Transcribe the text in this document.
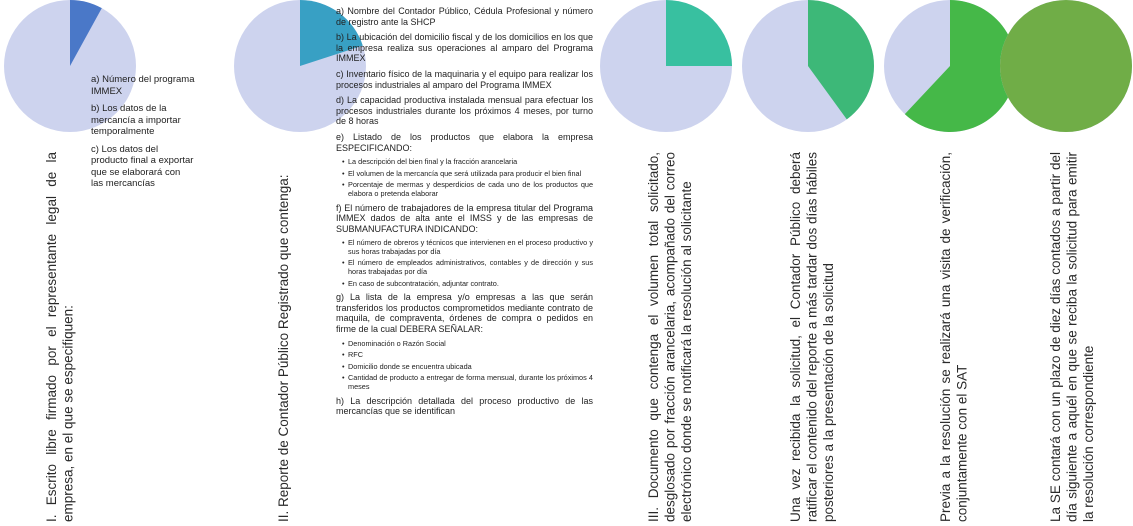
I. Escrito libre firmado por el representante legal de la empresa, en el que se especifiquen:

a) Número del programa IMMEX

b) Los datos de la mercancía a importar temporalmente

c) Los datos del producto final a exportar que se elaborará con las mercancías	II. Reporte de Contador Público Registrado que contenga:
a) Nombre del Contador Público, Cédula Profesional y número de registro ante la SHCP
b) La ubicación del domicilio fiscal y de los domicilios en los que la empresa realiza sus operaciones al amparo del Programa IMMEX
c) Inventario físico de la maquinaria y el equipo para realizar los procesos industriales al amparo del Programa IMMEX
d) La capacidad productiva instalada mensual para efectuar los procesos industriales durante los próximos 4 meses, por turno de 8 horas
e) Listado de los productos que elabora la empresa ESPECIFICANDO:
• La descripción del bien final y la fracción arancelaria
• El volumen de la mercancía que será utilizada para producir el bien final
• Porcentaje de mermas y desperdicios de cada uno de los productos que elabora o pretenda elaborar
f) El número de trabajadores de la empresa titular del Programa IMMEX dados de alta ante el IMSS y de las empresas de SUBMANUFACTURA INDICANDO:
• El número de obreros y técnicos que intervienen en el proceso productivo y sus horas trabajadas por día
• El número de empleados administrativos, contables y de dirección y sus horas trabajadas por día
• En caso de subcontratación, adjuntar contrato.
g) La lista de la empresa y/o empresas a las que serán transferidos los productos comprometidos mediante contrato de maquila, de compraventa, órdenes de compra o pedidos en firme de la cual DEBERA SEÑALAR:
• Denominación o Razón Social
• RFC
• Domicilio donde se encuentra ubicada
• Cantidad de producto a entregar de forma mensual, durante los próximos 4 meses
h) La descripción detallada del proceso productivo de las mercancías que se identifican	III. Documento que contenga el volumen total solicitado, desglosado por fracción arancelaria, acompañado del correo electrónico donde se notificará la resolución al solicitante	Una vez recibida la solicitud, el Contador Público deberá ratificar el contenido del reporte a más tardar dos días hábiles posteriores a la presentación de la solicitud	Previa a la resolución se realizará una visita de verificación, conjuntamente con el SAT	La SE contará con un plazo de diez días contados a partir del día siguiente a aquél en que se reciba la solicitud para emitir la resolución correspondiente
